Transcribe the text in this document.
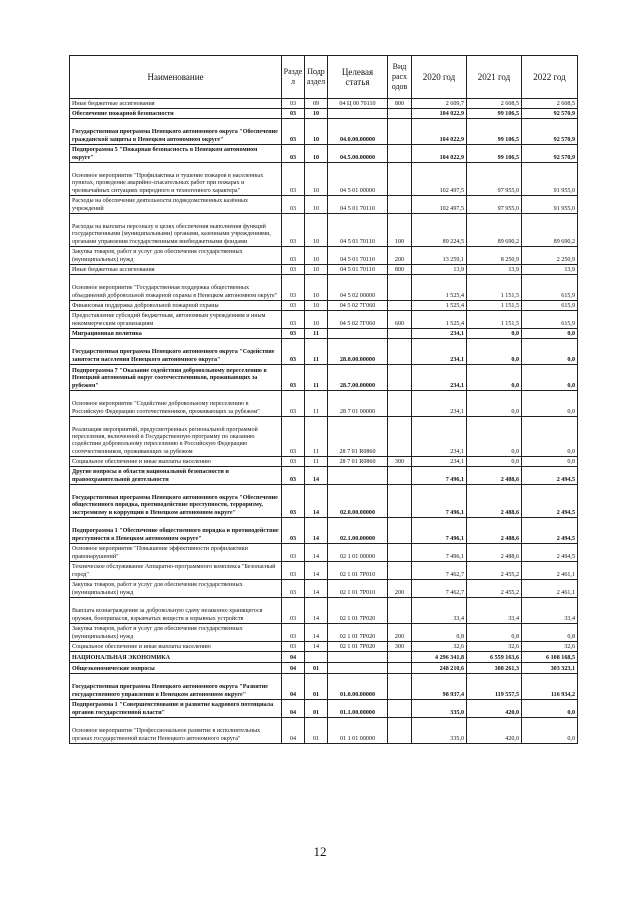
Наименование	Разде л	Подр аздел	Целевая статья	Вид расх одов	2020 год	2021 год	2022 год
Иные бюджетные ассигнования	03	09	04 Ц 00 70110	800	2 609,7	2 608,5	2 608,5
Обеспечение пожарной безопасности	03	10			104 022,9	99 106,5	92 570,9
Государственная программа Ненецкого автономного округа "Обеспечение гражданской защиты в Ненецком автономном округе"	03	10	04.0.00.00000		104 022,9	99 106,5	92 570,9
Подпрограмма 5 "Пожарная безопасность в Ненецком автономном округе"	03	10	04.5.00.00000		104 022,9	99 106,5	92 570,9
Основное мероприятие "Профилактика и тушение пожаров в населенных пунктах, проведение аварийно-спасательных работ при пожарах и чрезвычайных ситуациях природного и техногенного характера"	03	10	04 5 01 00000		102 497,5	97 955,0	91 955,0
Расходы на обеспечение деятельности подведомственных казённых учреждений	03	10	04 5 01 70110		102 497,5	97 955,0	91 955,0
Расходы на выплаты персоналу в целях обеспечения выполнения функций государственными (муниципальными) органами, казенными учреждениями, органами управления государственными внебюджетными фондами	03	10	04 5 01 70110	100	89 224,5	89 690,2	89 690,2
Закупка товаров, работ и услуг для обеспечения государственных (муниципальных) нужд	03	10	04 5 01 70110	200	13 259,1	8 250,9	2 250,9
Иные бюджетные ассигнования	03	10	04 5 01 70110	800	13,9	13,9	13,9
Основное мероприятие "Государственная поддержка общественных объединений добровольной пожарной охраны в Ненецком автономном округе"	03	10	04 5 02 00000		1 525,4	1 151,5	615,9
Финансовая поддержка добровольной пожарной охраны	03	10	04 5 02 7Г060		1 525,4	1 151,5	615,9
Предоставление субсидий бюджетным, автономным учреждениям и иным некоммерческим организациям	03	10	04 5 02 7Г060	600	1 525,4	1 151,5	615,9
Миграционная политика	03	11			234,1	0,0	0,0
Государственная программа Ненецкого автономного округа "Содействие занятости населения Ненецкого автономного округа"	03	11	28.0.00.00000		234,1	0,0	0,0
Подпрограмма 7 "Оказание содействия добровольному переселению в Ненецкий автономный округ соотечественников, проживающих за рубежом"	03	11	28.7.00.00000		234,1	0,0	0,0
Основное мероприятие "Содействие добровольному переселению в Российскую Федерацию соотечественников, проживающих за рубежом"	03	11	28 7 01 00000		234,1	0,0	0,0
Реализация мероприятий, предусмотренных региональной программой переселения, включенной в Государственную программу по оказанию содействия добровольному переселению в Российскую Федерацию соотечественников, проживающих за рубежом	03	11	28 7 01 R0860		234,1	0,0	0,0
Социальное обеспечение и иные выплаты населению	03	11	28 7 01 R0860	300	234,1	0,0	0,0
Другие вопросы в области национальной безопасности и правоохранительной деятельности	03	14			7 496,1	2 488,6	2 494,5
Государственная программа Ненецкого автономного округа "Обеспечение общественного порядка, противодействие преступности, терроризму, экстремизму и коррупции в Ненецком автономном округе"	03	14	02.0.00.00000		7 496,1	2 488,6	2 494,5
Подпрограмма 1 "Обеспечение общественного порядка и противодействие преступности в Ненецком автономном округе"	03	14	02.1.00.00000		7 496,1	2 488,6	2 494,5
Основное мероприятие "Повышение эффективности профилактики правонарушений"	03	14	02 1 01 00000		7 496,1	2 488,6	2 494,5
Техническое обслуживание Аппаратно-программного комплекса "Безопасный город"	03	14	02 1 01 7Р010		7 462,7	2 455,2	2 461,1
Закупка товаров, работ и услуг для обеспечения государственных (муниципальных) нужд	03	14	02 1 01 7Р010	200	7 462,7	2 455,2	2 461,1
Выплата вознаграждения за добровольную сдачу незаконно хранящегося оружия, боеприпасов, взрывчатых веществ и взрывных устройств	03	14	02 1 01 7Р020		33,4	33,4	33,4
Закупка товаров, работ и услуг для обеспечения государственных (муниципальных) нужд	03	14	02 1 01 7Р020	200	0,8	0,8	0,8
Социальное обеспечение и иные выплаты населению	03	14	02 1 01 7Р020	300	32,6	32,6	32,6
НАЦИОНАЛЬНАЯ ЭКОНОМИКА	04				4 296 341,8	6 559 163,6	6 108 168,5
Общеэкономические вопросы	04	01			248 210,6	308 261,3	303 323,1
Государственная программа Ненецкого автономного округа "Развитие государственного управления в Ненецком автономном округе"	04	01	01.0.00.00000		98 937,4	119 557,5	116 934,2
Подпрограмма 1 "Совершенствование и развитие кадрового потенциала органов государственной власти"	04	01	01.1.00.00000		335,0	420,0	0,0
Основное мероприятие "Профессиональное развитие в исполнительных органах государственной власти Ненецкого автономного округа"	04	01	01 1 01 00000		335,0	420,0	0,0
12
